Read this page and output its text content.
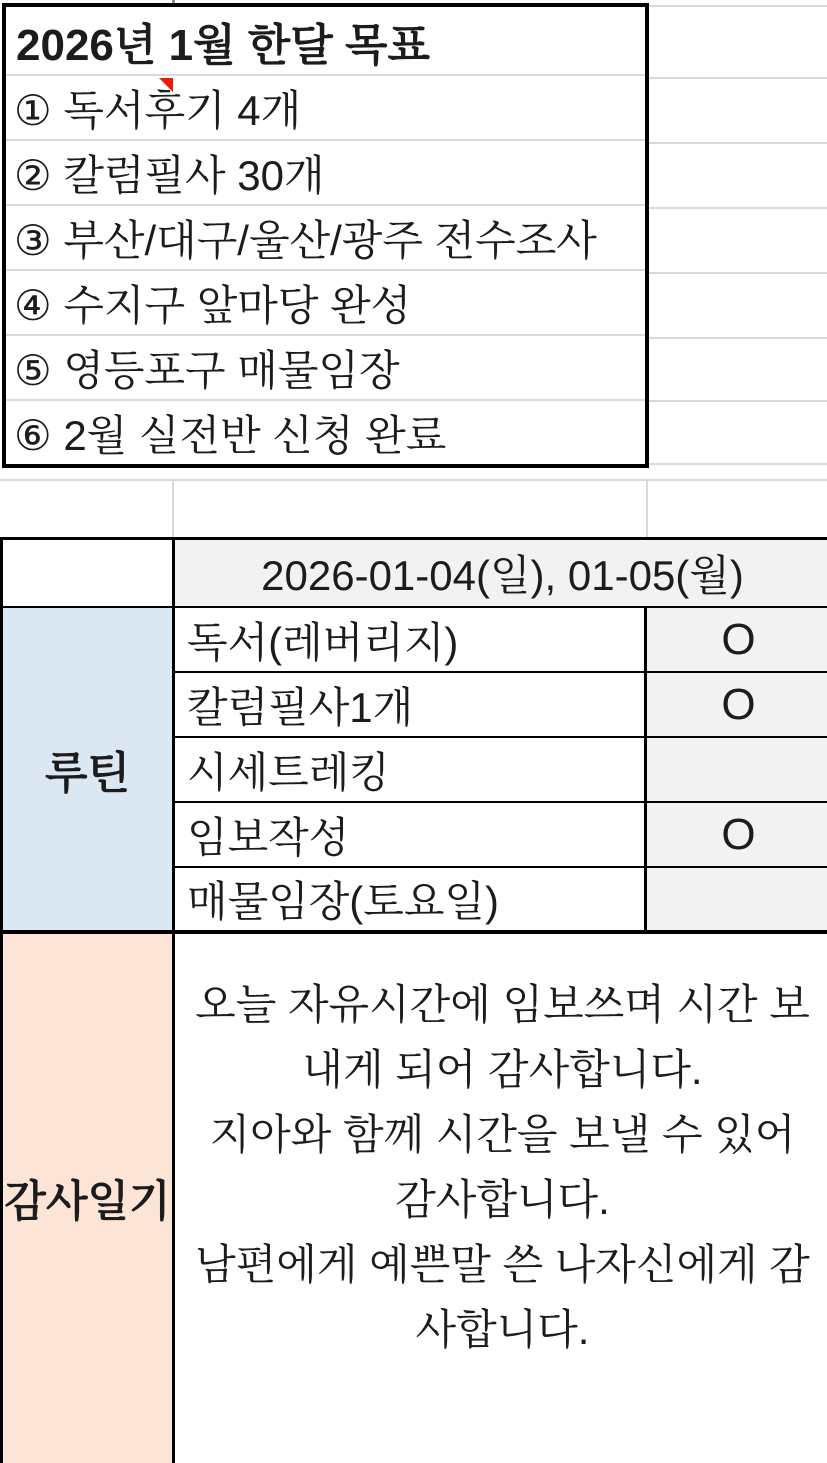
2026년 1월 한달 목표
① 독서후기 4개
② 칼럼필사 30개
③ 부산/대구/울산/광주 전수조사
④ 수지구 앞마당 완성
⑤ 영등포구 매물임장
⑥ 2월 실전반 신청 완료
2026-01-04(일), 01-05(월)
루틴
독서(레버리지)	O
칼럼필사1개	O
시세트레킹
임보작성	O
매물임장(토요일)
감사일기
오늘 자유시간에 임보쓰며 시간 보
내게 되어 감사합니다.
지아와 함께 시간을 보낼 수 있어
감사합니다.
남편에게 예쁜말 쓴 나자신에게 감
사합니다.
